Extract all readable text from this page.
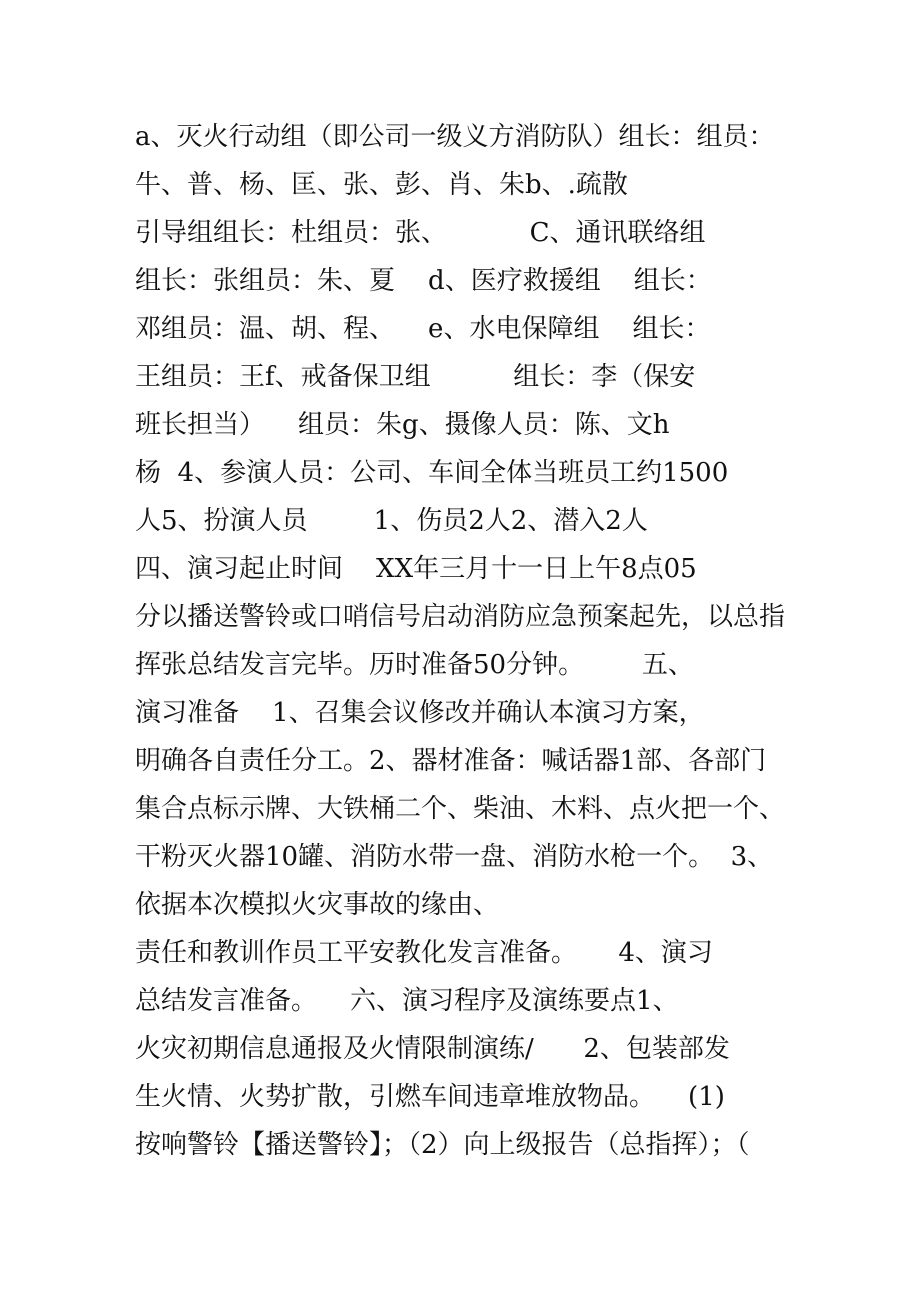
a、灭火行动组（即公司一级义方消防队）组长：组员：
牛、普、杨、匡、张、彭、肖、朱b、.疏散
引导组组长：杜组员：张、          C、通讯联络组
组长：张组员：朱、夏    d、医疗救援组    组长：
邓组员：温、胡、程、    e、水电保障组    组长：
王组员：王f、戒备保卫组          组长：李（保安
班长担当）    组员：朱g、摄像人员：陈、文h
杨  4、参演人员：公司、车间全体当班员工约1500
人5、扮演人员        1、伤员2人2、潜入2人
四、演习起止时间    XX年三月十一日上午8点05
分以播送警铃或口哨信号启动消防应急预案起先，以总指
挥张总结发言完毕。历时准备50分钟。       五、
演习准备    1、召集会议修改并确认本演习方案，
明确各自责任分工。2、器材准备：喊话器1部、各部门
集合点标示牌、大铁桶二个、柴油、木料、点火把一个、
干粉灭火器10罐、消防水带一盘、消防水枪一个。  3、
依据本次模拟火灾事故的缘由、
责任和教训作员工平安教化发言准备。     4、演习
总结发言准备。    六、演习程序及演练要点1、
火灾初期信息通报及火情限制演练/      2、包装部发
生火情、火势扩散，引燃车间违章堆放物品。    (1)
按响警铃【播送警铃】；（2）向上级报告（总指挥）；（
